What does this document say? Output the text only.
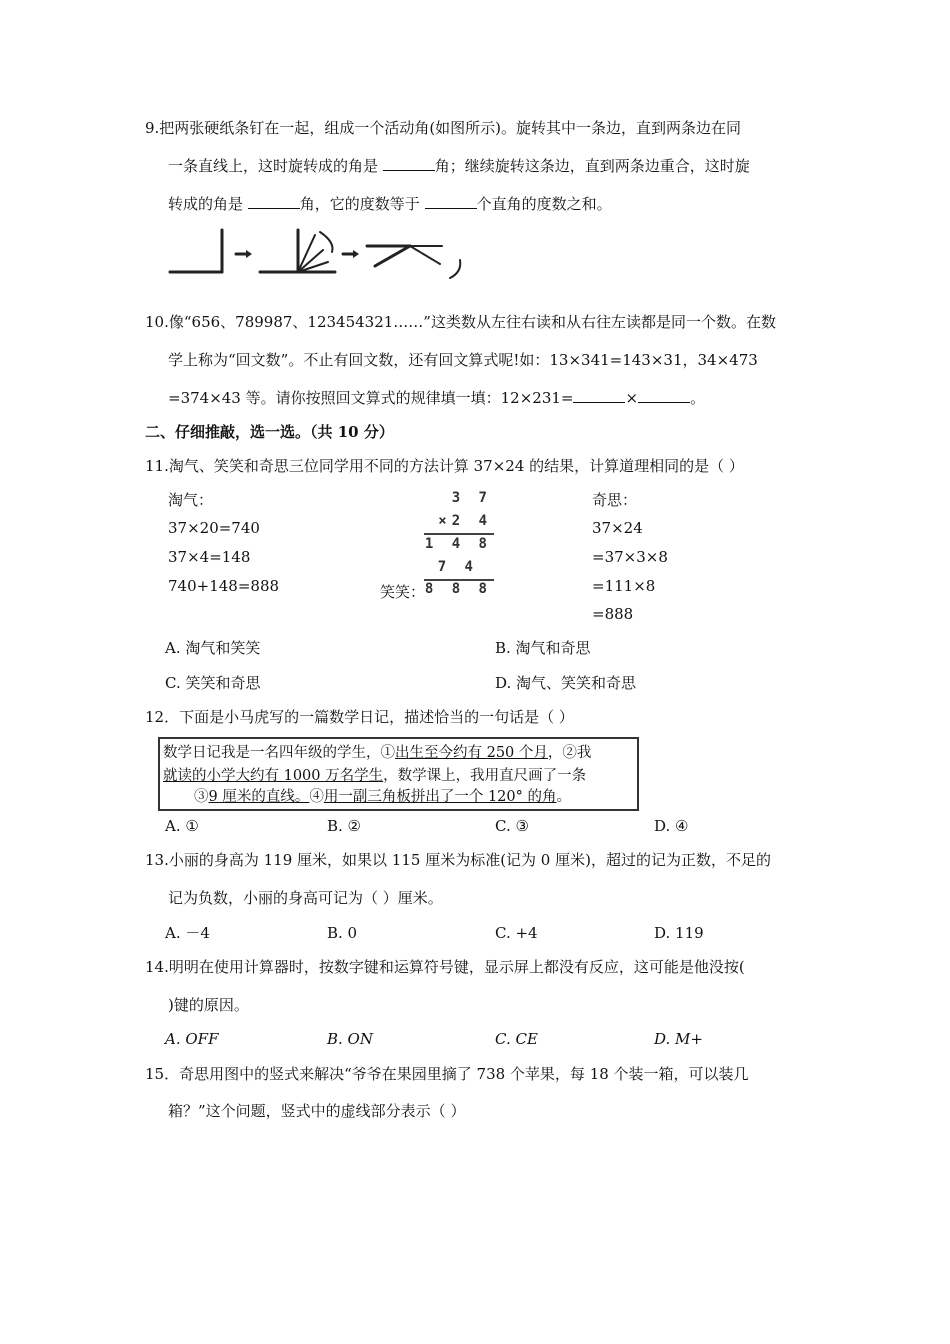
9.把两张硬纸条钉在一起，组成一个活动角(如图所示)。旋转其中一条边，直到两条边在同
一条直线上，这时旋转成的角是	角；继续旋转这条边，直到两条边重合，这时旋
转成的角是	角，它的度数等于	个直角的度数之和。
10.像“656、789987、123454321……”这类数从左往右读和从右往左读都是同一个数。在数
学上称为“回文数”。不止有回文数，还有回文算式呢!如：13×341=143×31，34×473
=374×43 等。请你按照回文算式的规律填一填：12×231=	×	。
二、仔细推敲，选一选。（共 10 分）
11.淘气、笑笑和奇思三位同学用不同的方法计算 37×24 的结果，计算道理相同的是（ ）
淘气：
37×20=740
37×4=148
740+148=888	笑笑：
3 7
×2 4
1 4 8
7 4
8 8 8
奇思：
37×24
=37×3×8
=111×8
=888
A. 淘气和笑笑	B. 淘气和奇思
C. 笑笑和奇思	D. 淘气、笑笑和奇思
12．下面是小马虎写的一篇数学日记，描述恰当的一句话是（ ）
数学日记我是一名四年级的学生，①出生至今约有 250 个月，②我
就读的小学大约有 1000 万名学生，数学课上，我用直尺画了一条
③9 厘米的直线。④用一副三角板拼出了一个 120° 的角。
A. ①	B. ②	C. ③	D. ④
13.小丽的身高为 119 厘米，如果以 115 厘米为标准(记为 0 厘米)，超过的记为正数，不足的
记为负数，小丽的身高可记为（ ）厘米。
A. －4	B. 0	C. +4	D. 119
14.明明在使用计算器时，按数字键和运算符号键，显示屏上都没有反应，这可能是他没按(
)键的原因。
A. OFF	B. ON	C. CE	D. M+
15．奇思用图中的竖式来解决“爷爷在果园里摘了 738 个苹果，每 18 个装一箱，可以装几
箱？”这个问题，竖式中的虚线部分表示（ ）
